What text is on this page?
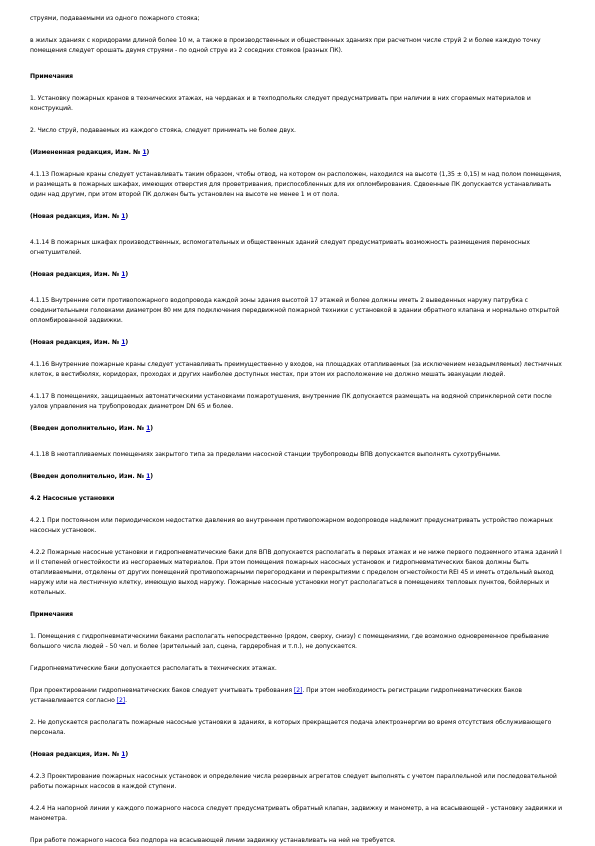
струями, подаваемыми из одного пожарного стояка;

в жилых зданиях с коридорами длиной более 10 м, а также в производственных и общественных зданиях при расчетном числе струй 2 и более каждую точку помещения следует орошать двумя струями - по одной струе из 2 соседних стояков (разных ПК).

Примечания

1. Установку пожарных кранов в технических этажах, на чердаках и в техподпольях следует предусматривать при наличии в них сгораемых материалов и конструкций.

2. Число струй, подаваемых из каждого стояка, следует принимать не более двух.

(Измененная редакция, Изм. № 1)

4.1.13 Пожарные краны следует устанавливать таким образом, чтобы отвод, на котором он расположен, находился на высоте (1,35 ± 0,15) м над полом помещения, и размещать в пожарных шкафах, имеющих отверстия для проветривания, приспособленных для их опломбирования. Сдвоенные ПК допускается устанавливать один над другим, при этом второй ПК должен быть установлен на высоте не менее 1 м от пола.

(Новая редакция, Изм. № 1)

4.1.14 В пожарных шкафах производственных, вспомогательных и общественных зданий следует предусматривать возможность размещения переносных огнетушителей.

(Новая редакция, Изм. № 1)

4.1.15 Внутренние сети противопожарного водопровода каждой зоны здания высотой 17 этажей и более должны иметь 2 выведенных наружу патрубка с соединительными головками диаметром 80 мм для подключения передвижной пожарной техники с установкой в здании обратного клапана и нормально открытой опломбированной задвижки.

(Новая редакция, Изм. № 1)

4.1.16 Внутренние пожарные краны следует устанавливать преимущественно у входов, на площадках отапливаемых (за исключением незадымляемых) лестничных клеток, в вестибюлях, коридорах, проходах и других наиболее доступных местах, при этом их расположение не должно мешать эвакуации людей.

4.1.17 В помещениях, защищаемых автоматическими установками пожаротушения, внутренние ПК допускается размещать на водяной спринклерной сети после узлов управления на трубопроводах диаметром DN 65 и более.

(Введен дополнительно, Изм. № 1)

4.1.18 В неотапливаемых помещениях закрытого типа за пределами насосной станции трубопроводы ВПВ допускается выполнять сухотрубными.

(Введен дополнительно, Изм. № 1)

4.2 Насосные установки

4.2.1 При постоянном или периодическом недостатке давления во внутреннем противопожарном водопроводе надлежит предусматривать устройство пожарных насосных установок.

4.2.2 Пожарные насосные установки и гидропневматические баки для ВПВ допускается располагать в первых этажах и не ниже первого подземного этажа зданий I и II степеней огнестойкости из несгораемых материалов. При этом помещения пожарных насосных установок и гидропневматических баков должны быть отапливаемыми, отделены от других помещений противопожарными перегородками и перекрытиями с пределом огнестойкости REI 45 и иметь отдельный выход наружу или на лестничную клетку, имеющую выход наружу. Пожарные насосные установки могут располагаться в помещениях тепловых пунктов, бойлерных и котельных.

Примечания

1. Помещения с гидропневматическими баками располагать непосредственно (рядом, сверху, снизу) с помещениями, где возможно одновременное пребывание большого числа людей - 50 чел. и более (зрительный зал, сцена, гардеробная и т.п.), не допускается.

Гидропневматические баки допускается располагать в технических этажах.

При проектировании гидропневматических баков следует учитывать требования [2]. При этом необходимость регистрации гидропневматических баков устанавливается согласно [2].

2. Не допускается располагать пожарные насосные установки в зданиях, в которых прекращается подача электроэнергии во время отсутствия обслуживающего персонала.

(Новая редакция, Изм. № 1)

4.2.3 Проектирование пожарных насосных установок и определение числа резервных агрегатов следует выполнять с учетом параллельной или последовательной работы пожарных насосов в каждой ступени.

4.2.4 На напорной линии у каждого пожарного насоса следует предусматривать обратный клапан, задвижку и манометр, а на всасывающей - установку задвижки и манометра.

При работе пожарного насоса без подпора на всасывающей линии задвижку устанавливать на ней не требуется.
